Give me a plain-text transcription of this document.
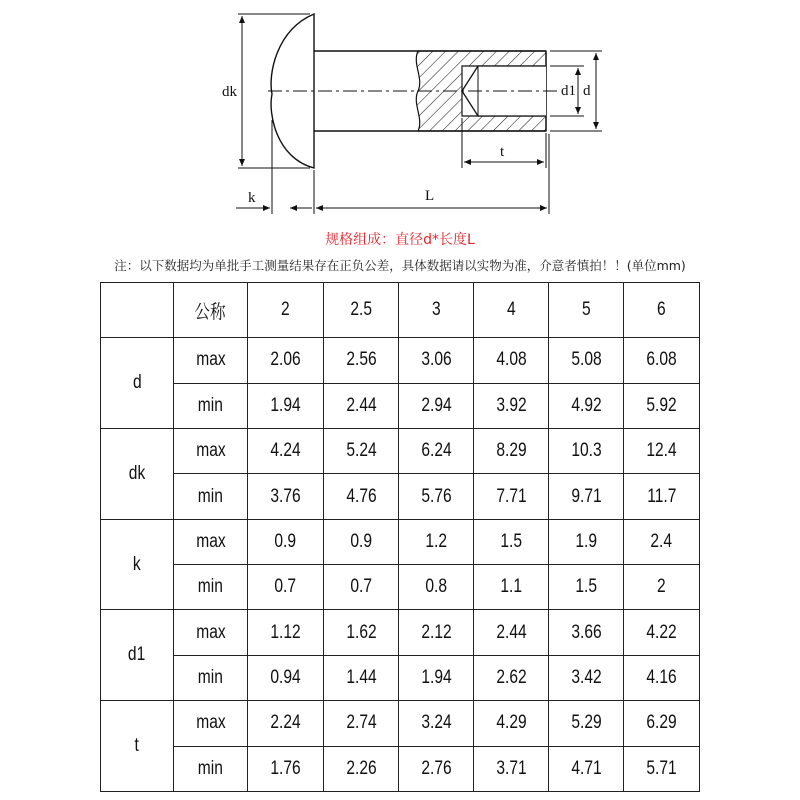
dk	d1 d
t
k	L
规格组成：直径d*长度L
注：以下数据均为单批手工测量结果存在正负公差，具体数据请以实物为准，介意者慎拍！！(单位mm)
	公称	2	2.5	3	4	5	6
d	max	2.06	2.56	3.06	4.08	5.08	6.08
	min	1.94	2.44	2.94	3.92	4.92	5.92
dk	max	4.24	5.24	6.24	8.29	10.3	12.4
	min	3.76	4.76	5.76	7.71	9.71	11.7
k	max	0.9	0.9	1.2	1.5	1.9	2.4
	min	0.7	0.7	0.8	1.1	1.5	2
d1	max	1.12	1.62	2.12	2.44	3.66	4.22
	min	0.94	1.44	1.94	2.62	3.42	4.16
t	max	2.24	2.74	3.24	4.29	5.29	6.29
	min	1.76	2.26	2.76	3.71	4.71	5.71
